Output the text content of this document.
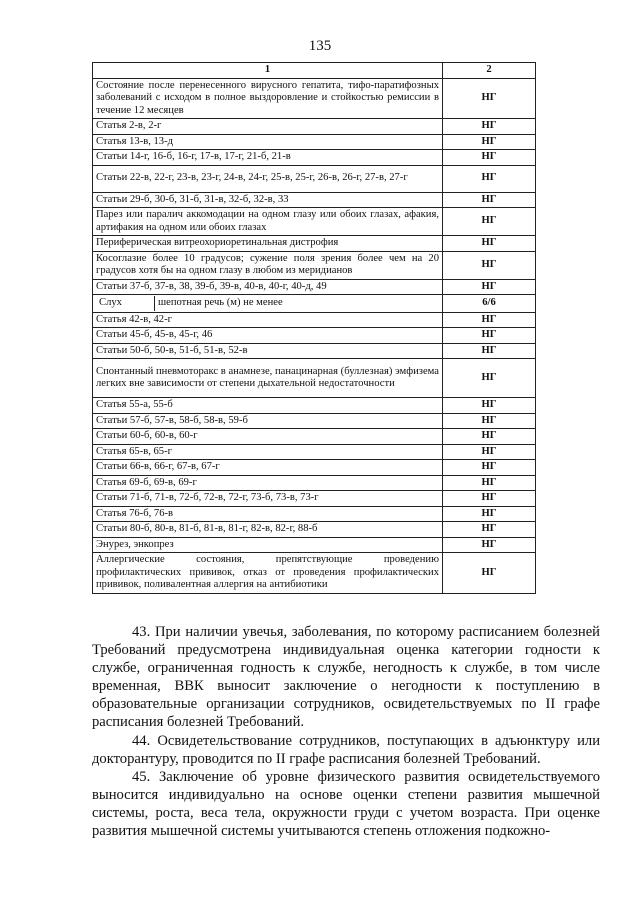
135
1	2
Состояние после перенесенного вирусного гепатита, тифо-паратифозных заболеваний с исходом в полное выздоровление и стойкостью ремиссии в течение 12 месяцев	НГ
Статья 2-в, 2-г	НГ
Статья 13-в, 13-д	НГ
Статьи 14-г, 16-б, 16-г, 17-в, 17-г, 21-б, 21-в	НГ
Статьи 22-в, 22-г, 23-в, 23-г, 24-в, 24-г, 25-в, 25-г, 26-в, 26-г, 27-в, 27-г	НГ
Статьи 29-б, 30-б, 31-б, 31-в, 32-б, 32-в, 33	НГ
Парез или паралич аккомодации на одном глазу или обоих глазах, афакия, артифакия на одном или обоих глазах	НГ
Периферическая витреохориоретинальная дистрофия	НГ
Косоглазие более 10 градусов; сужение поля зрения более чем на 20 градусов хотя бы на одном глазу в любом из меридианов	НГ
Статьи 37-б, 37-в, 38, 39-б, 39-в, 40-в, 40-г, 40-д, 49	НГ

Слух шепотная речь (м) не менее	6/6
Статья 42-в, 42-г	НГ
Статьи 45-б, 45-в, 45-г, 46	НГ
Статьи 50-б, 50-в, 51-б, 51-в, 52-в	НГ
Спонтанный пневмоторакс в анамнезе, панацинарная (буллезная) эмфизема легких вне зависимости от степени дыхательной недостаточности	НГ
Статья 55-а, 55-б	НГ
Статьи 57-б, 57-в, 58-б, 58-в, 59-б	НГ
Статьи 60-б, 60-в, 60-г	НГ
Статья 65-в, 65-г	НГ
Статьи 66-в, 66-г, 67-в, 67-г	НГ
Статья 69-б, 69-в, 69-г	НГ
Статьи 71-б, 71-в, 72-б, 72-в, 72-г, 73-б, 73-в, 73-г	НГ
Статья 76-б, 76-в	НГ
Статьи 80-б, 80-в, 81-б, 81-в, 81-г, 82-в, 82-г, 88-б	НГ
Энурез, энкопрез	НГ
Аллергические состояния, препятствующие проведению профилактических прививок, отказ от проведения профилактических прививок, поливалентная аллергия на антибиотики	НГ

43. При наличии увечья, заболевания, по которому расписанием болезней Требований предусмотрена индивидуальная оценка категории годности к службе, ограниченная годность к службе, негодность к службе, в том числе временная, ВВК выносит заключение о негодности к поступлению в образовательные организации сотрудников, освидетельствуемых по II графе расписания болезней Требований.

44. Освидетельствование сотрудников, поступающих в адъюнктуру или докторантуру, проводится по II графе расписания болезней Требований.

45. Заключение об уровне физического развития освидетельствуемого выносится индивидуально на основе оценки степени развития мышечной системы, роста, веса тела, окружности груди с учетом возраста. При оценке развития мышечной системы учитываются степень отложения подкожно-
